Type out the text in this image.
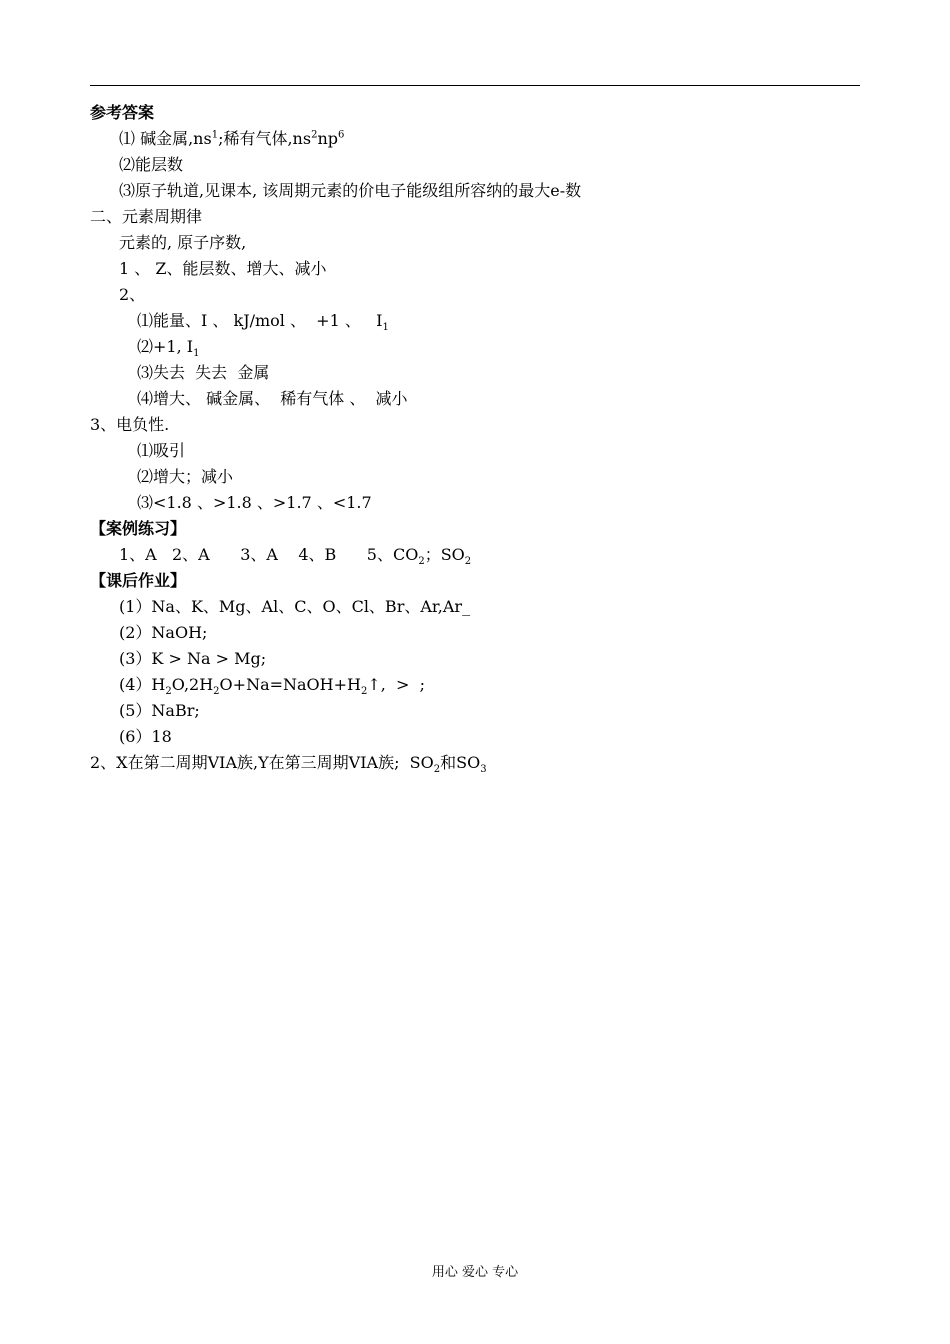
参考答案
⑴ 碱金属$,ns^1$;稀有气体$,ns^2np^6$
⑵能层数
⑶原子轨道,见课本, 该周期元素的价电子能级组所容纳的最大e-数
二、元素周期律
元素的, 原子序数,
1 、 Z、能层数、增大、减小
2、
⑴能量、I 、 kJ/mol 、  +1 、   $I_1$
⑵+1, $I_1$
⑶失去  失去  金属
⑷增大、 碱金属、  稀有气体 、  减小
3、电负性.
⑴吸引
⑵增大；减小
⑶<1.8 、>1.8 、>1.7 、<1.7
【案例练习】
1、A   2、A      3、A    4、B      5、$CO_2$；$SO_2$
【课后作业】
(1）Na、K、Mg、Al、C、O、Cl、Br、Ar,Ar_
(2）NaOH;
(3）K > Na > Mg;
$(4)H_2O,2H_2O+Na=NaOH+H_2↑$,  >  ;
(5）NaBr;
(6）18
2、X在第二周期VIA族,Y在第三周期VIA族;  $SO_2$和$SO_3$
用心 爱心 专心
